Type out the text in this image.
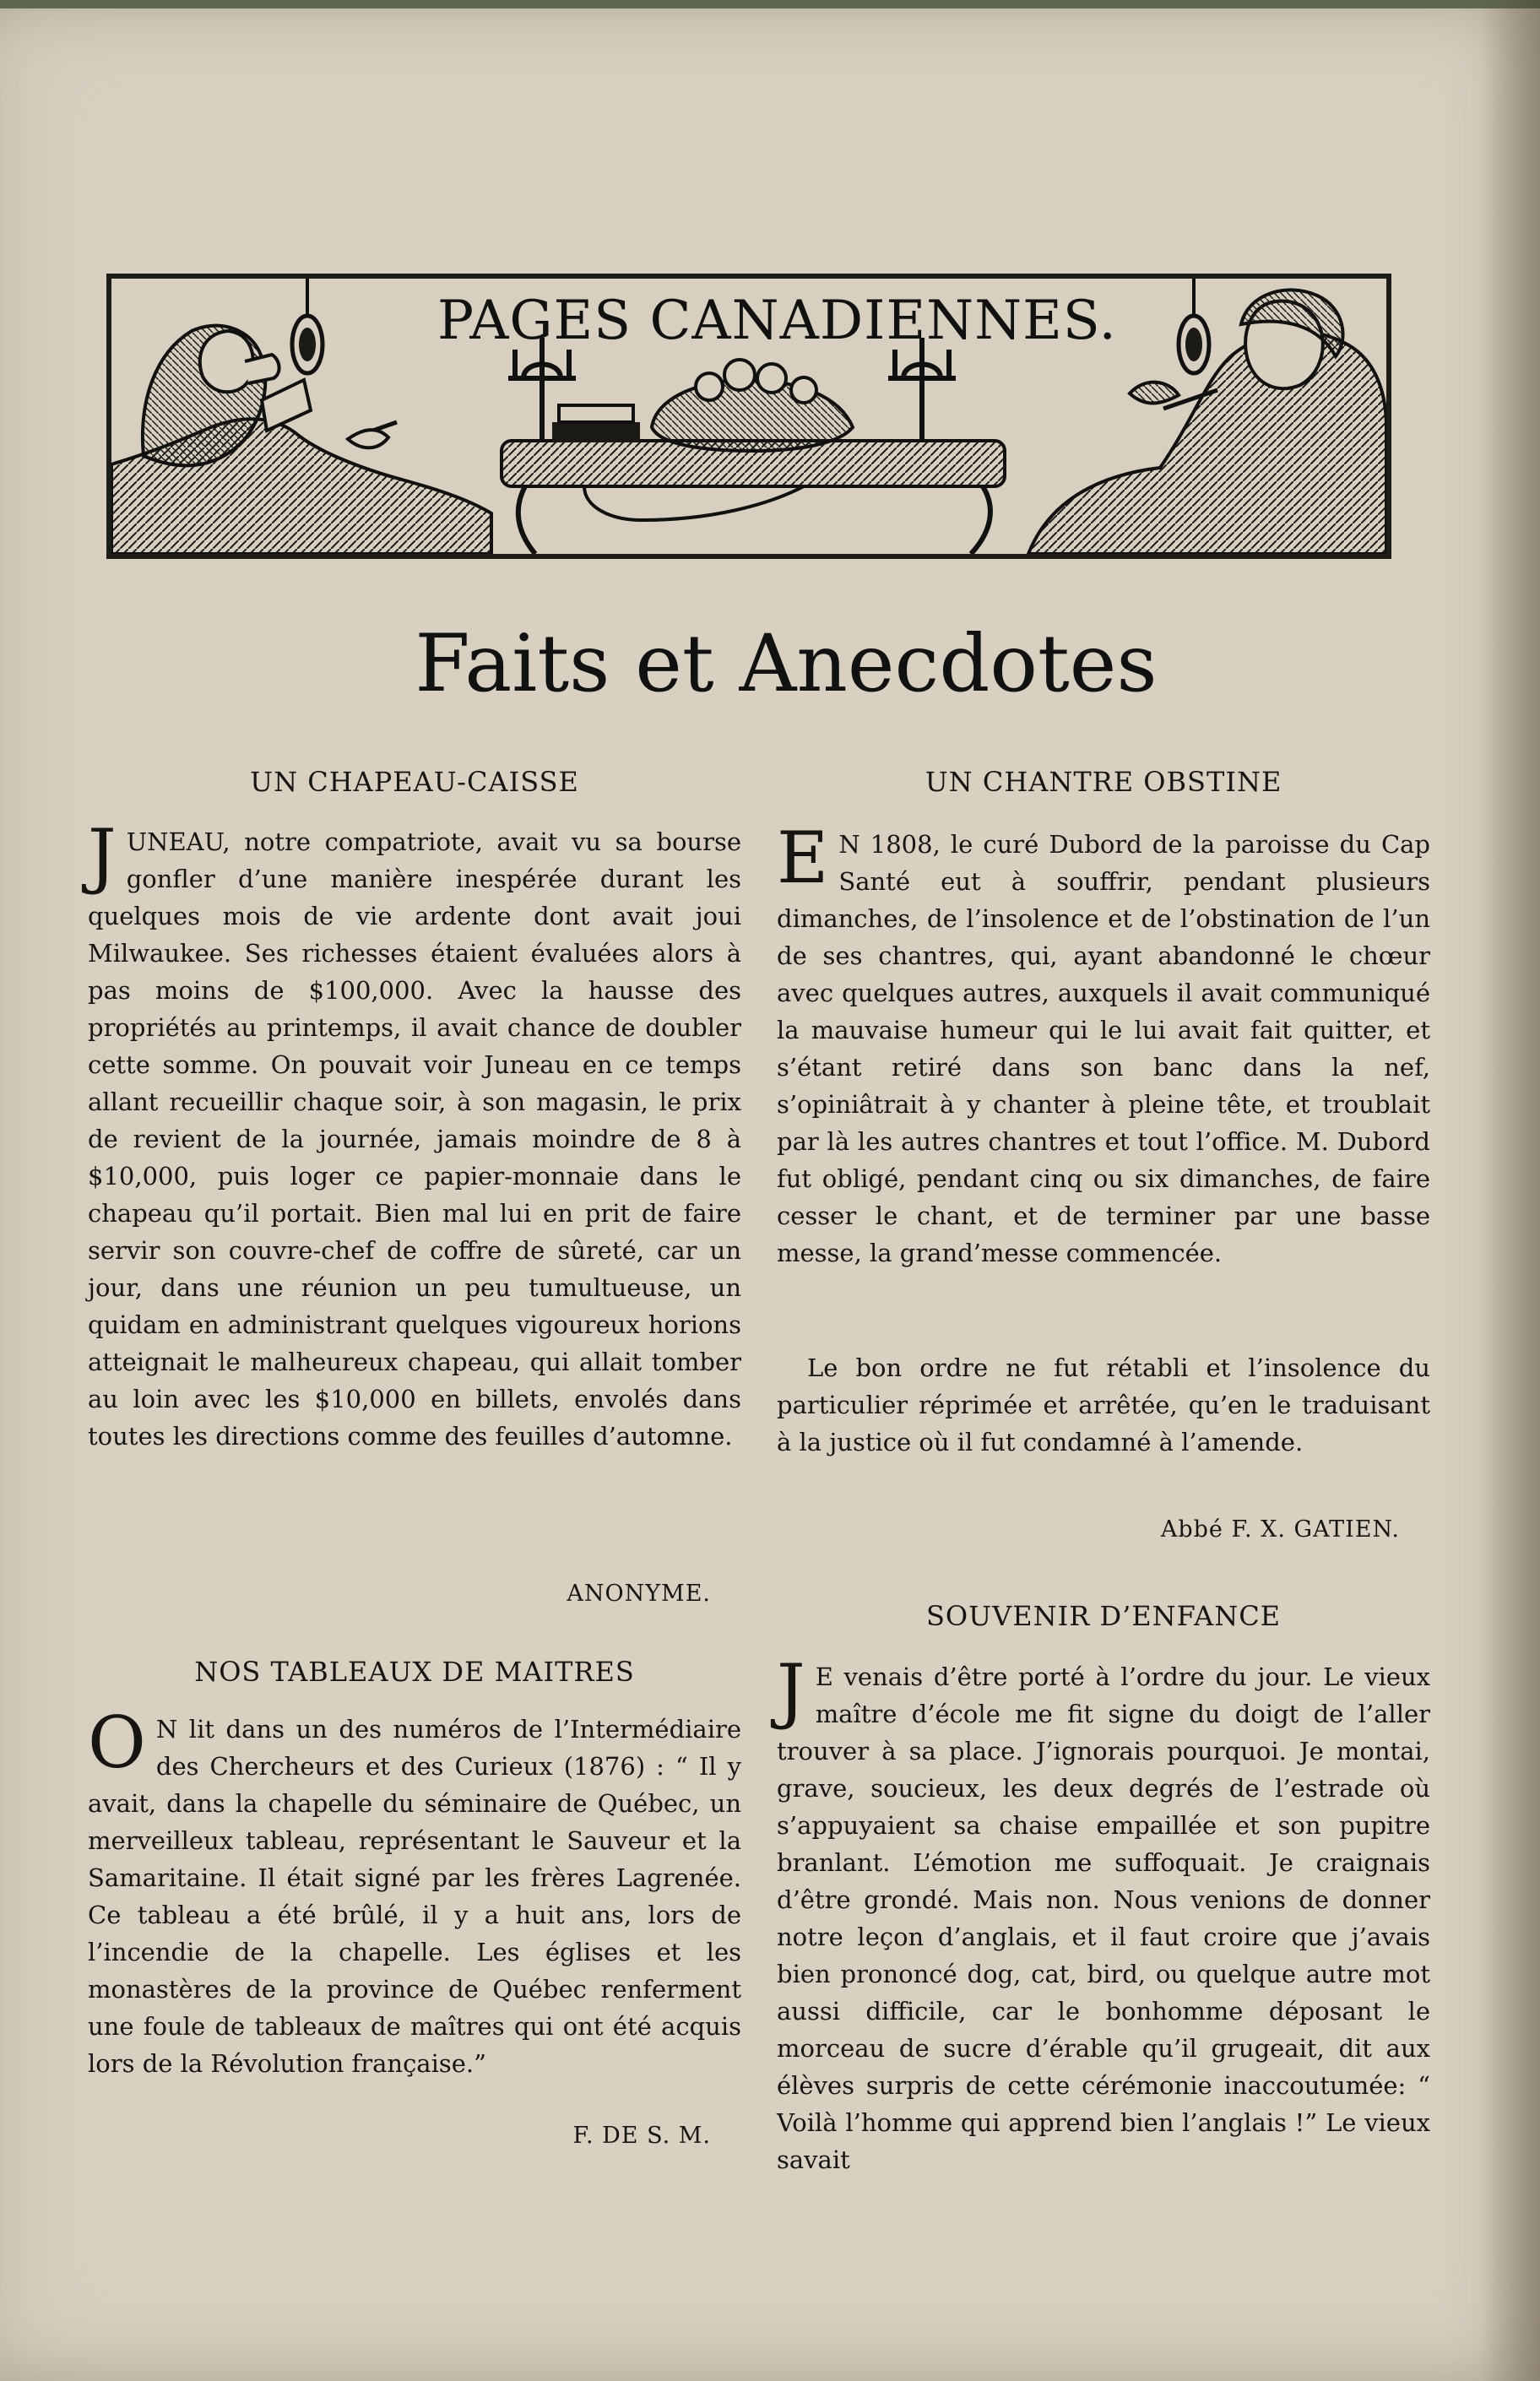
PAGES CANADIENNES.
Faits et Anecdotes
UN CHAPEAU-CAISSE
JUNEAU, notre compatriote, avait vu sa bourse gonfler d’une manière inespérée durant les quelques mois de vie ardente dont avait joui Milwaukee. Ses richesses étaient évaluées alors à pas moins de $100,000. Avec la hausse des propriétés au printemps, il avait chance de doubler cette somme. On pouvait voir Juneau en ce temps allant recueillir chaque soir, à son magasin, le prix de revient de la journée, jamais moindre de 8 à $10,000, puis loger ce papier-monnaie dans le chapeau qu’il portait. Bien mal lui en prit de faire servir son couvre-chef de coffre de sûreté, car un jour, dans une réunion un peu tumultueuse, un quidam en administrant quelques vigoureux horions atteignait le malheureux chapeau, qui allait tomber au loin avec les $10,000 en billets, envolés dans toutes les directions comme des feuilles d’automne.
ANONYME.
NOS TABLEAUX DE MAITRES
O N lit dans un des numéros de l’Intermédiaire des Chercheurs et des Curieux (1876) : “ Il y avait, dans la chapelle du séminaire de Québec, un merveilleux tableau, représentant le Sauveur et la Samaritaine. Il était signé par les frères Lagrenée. Ce tableau a été brûlé, il y a huit ans, lors de l’incendie de la chapelle. Les églises et les monastères de la province de Québec renferment une foule de tableaux de maîtres qui ont été acquis lors de la Révolution française.”
F. DE S. M.
UN CHANTRE OBSTINE
E N 1808, le curé Dubord de la paroisse du Cap Santé eut à souffrir, pendant plusieurs dimanches, de l’insolence et de l’obstination de l’un de ses chantres, qui, ayant abandonné le chœur avec quelques autres, auxquels il avait communiqué la mauvaise humeur qui le lui avait fait quitter, et s’étant retiré dans son banc dans la nef, s’opiniâtrait à y chanter à pleine tête, et troublait par là les autres chantres et tout l’office. M. Dubord fut obligé, pendant cinq ou six dimanches, de faire cesser le chant, et de terminer par une basse messe, la grand’messe commencée.
Le bon ordre ne fut rétabli et l’insolence du particulier réprimée et arrêtée, qu’en le traduisant à la justice où il fut condamné à l’amende.
Abbé F. X. GATIEN.
SOUVENIR D’ENFANCE
J E venais d’être porté à l’ordre du jour. Le vieux maître d’école me fit signe du doigt de l’aller trouver à sa place. J’ignorais pourquoi. Je montai, grave, soucieux, les deux degrés de l’estrade où s’appuyaient sa chaise empaillée et son pupitre branlant. L’émotion me suffoquait. Je craignais d’être grondé. Mais non. Nous venions de donner notre leçon d’anglais, et il faut croire que j’avais bien prononcé dog, cat, bird, ou quelque autre mot aussi difficile, car le bonhomme déposant le morceau de sucre d’érable qu’il grugeait, dit aux élèves surpris de cette cérémonie inaccoutumée: “ Voilà l’homme qui apprend bien l’anglais !” Le vieux savait
